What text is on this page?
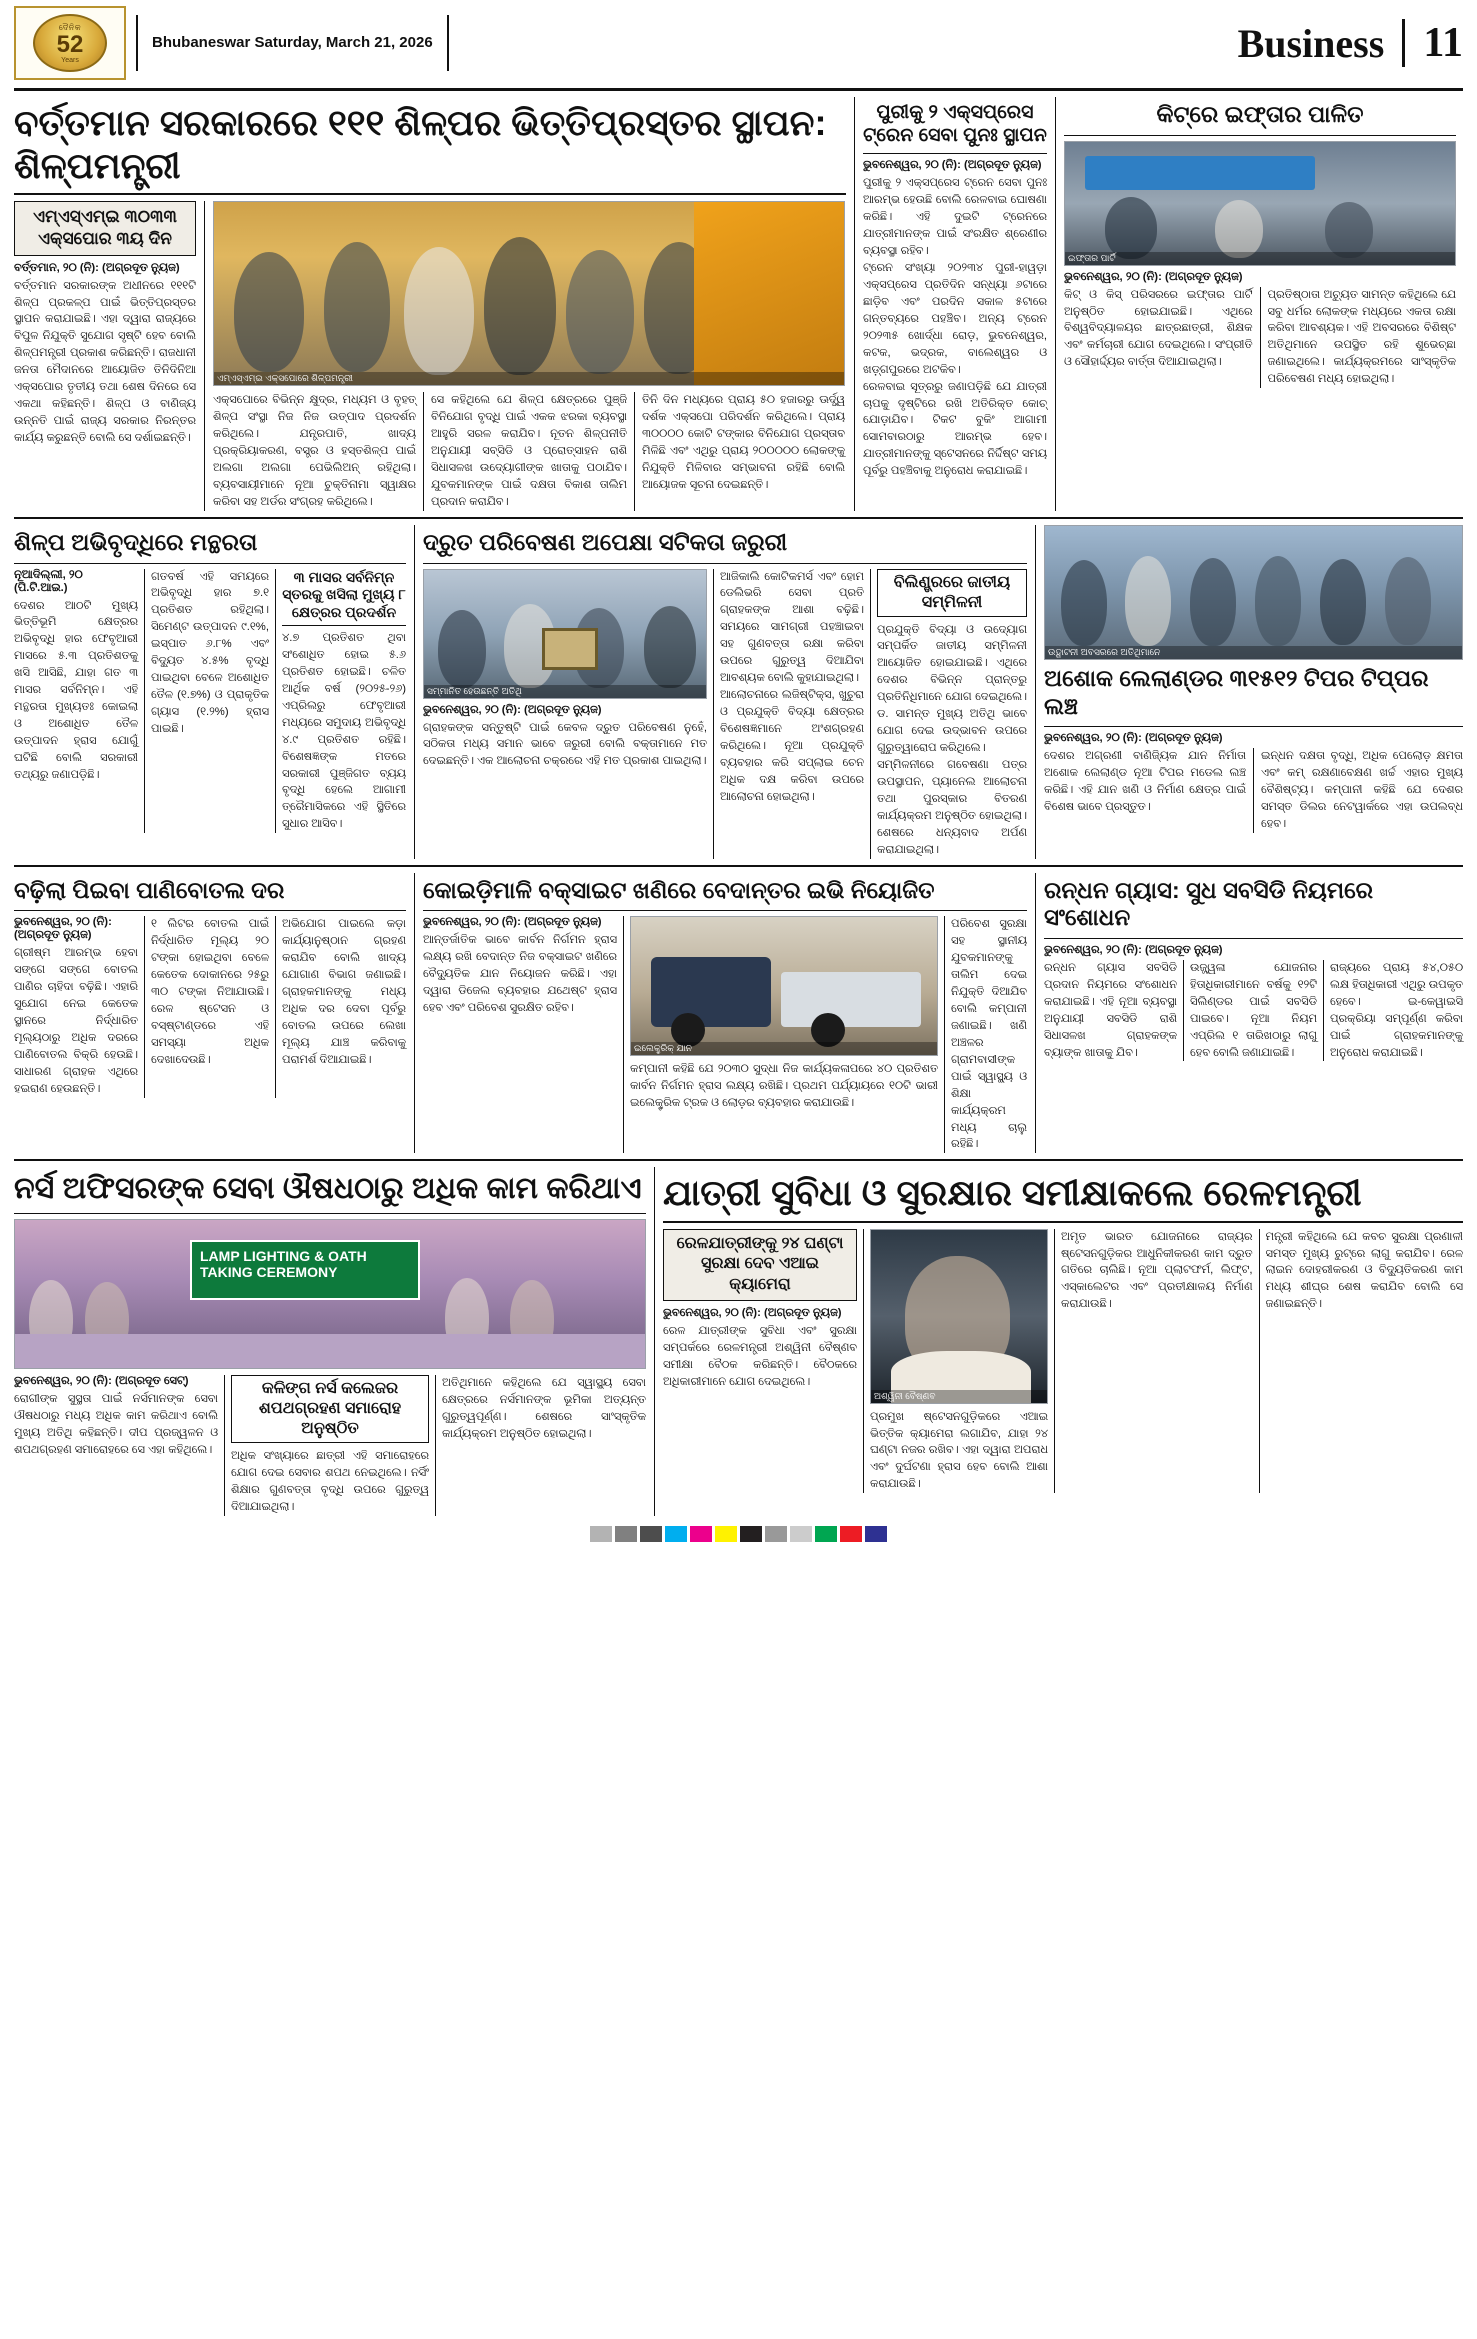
ଦୈନିକ
52
Years
Bhubaneswar Saturday, March 21, 2026	Business 11
ବର୍ତ୍ତମାନ ସରକାରରେ ୧୧୧ ଶିଳ୍ପର ଭିତ୍ତିପ୍ରସ୍ତର ସ୍ଥାପନ: ଶିଳ୍ପମନ୍ତ୍ରୀ
ଏମ୍ଏସ୍ଏମ୍ଇ ୩୦୩୩ ଏକ୍ସପୋର ୩ୟ ଦିନ
ବର୍ତ୍ତମାନ, ୨୦ (ନି): (ଅଗ୍ରଦୂତ ନ୍ୟୁଜ)
ବର୍ତ୍ତମାନ ସରକାରଙ୍କ ଅଧୀନରେ ୧୧୧ଟି ଶିଳ୍ପ ପ୍ରକଳ୍ପ ପାଇଁ ଭିତ୍ତିପ୍ରସ୍ତର ସ୍ଥାପନ କରାଯାଇଛି। ଏହା ଦ୍ୱାରା ରାଜ୍ୟରେ ବିପୁଳ ନିଯୁକ୍ତି ସୁଯୋଗ ସୃଷ୍ଟି ହେବ ବୋଲି ଶିଳ୍ପମନ୍ତ୍ରୀ ପ୍ରକାଶ କରିଛନ୍ତି। ରାଜଧାନୀ ଜନତା ମୈଦାନରେ ଆୟୋଜିତ ତିନିଦିନିଆ ଏକ୍ସପୋର ତୃତୀୟ ତଥା ଶେଷ ଦିନରେ ସେ ଏକଥା କହିଛନ୍ତି। ଶିଳ୍ପ ଓ ବାଣିଜ୍ୟ ଉନ୍ନତି ପାଇଁ ରାଜ୍ୟ ସରକାର ନିରନ୍ତର କାର୍ଯ୍ୟ କରୁଛନ୍ତି ବୋଲି ସେ ଦର୍ଶାଇଛନ୍ତି।
ଏମ୍ଏସ୍ଏମ୍ଇ ଏକ୍ସପୋରେ ଶିଳ୍ପମନ୍ତ୍ରୀ
ଏକ୍ସପୋରେ ବିଭିନ୍ନ କ୍ଷୁଦ୍ର, ମଧ୍ୟମ ଓ ବୃହତ୍ ଶିଳ୍ପ ସଂସ୍ଥା ନିଜ ନିଜ ଉତ୍ପାଦ ପ୍ରଦର୍ଶନ କରିଥିଲେ। ଯନ୍ତ୍ରପାତି, ଖାଦ୍ୟ ପ୍ରକ୍ରିୟାକରଣ, ବସ୍ତ୍ର ଓ ହସ୍ତଶିଳ୍ପ ପାଇଁ ଅଲଗା ଅଲଗା ପେଭିଲିଅନ୍ ରହିଥିଲା। ବ୍ୟବସାୟୀମାନେ ନୂଆ ଚୁକ୍ତିନାମା ସ୍ୱାକ୍ଷର କରିବା ସହ ଅର୍ଡର ସଂଗ୍ରହ କରିଥିଲେ।
ସେ କହିଥିଲେ ଯେ ଶିଳ୍ପ କ୍ଷେତ୍ରରେ ପୁଞ୍ଜି ବିନିଯୋଗ ବୃଦ୍ଧି ପାଇଁ ଏକକ ଝରକା ବ୍ୟବସ୍ଥା ଆହୁରି ସରଳ କରାଯିବ। ନୂତନ ଶିଳ୍ପନୀତି ଅନୁଯାୟୀ ସବ୍ସିଡି ଓ ପ୍ରୋତ୍ସାହନ ରାଶି ସିଧାସଳଖ ଉଦ୍ୟୋଗୀଙ୍କ ଖାତାକୁ ପଠାଯିବ। ଯୁବକମାନଙ୍କ ପାଇଁ ଦକ୍ଷତା ବିକାଶ ତାଲିମ ପ୍ରଦାନ କରାଯିବ।
ତିନି ଦିନ ମଧ୍ୟରେ ପ୍ରାୟ ୫୦ ହଜାରରୁ ଊର୍ଦ୍ଧ୍ୱ ଦର୍ଶକ ଏକ୍ସପୋ ପରିଦର୍ଶନ କରିଥିଲେ। ପ୍ରାୟ ୩୦୦୦୦ କୋଟି ଟଙ୍କାର ବିନିଯୋଗ ପ୍ରସ୍ତାବ ମିଳିଛି ଏବଂ ଏଥିରୁ ପ୍ରାୟ ୨୦୦୦୦୦ ଲୋକଙ୍କୁ ନିଯୁକ୍ତି ମିଳିବାର ସମ୍ଭାବନା ରହିଛି ବୋଲି ଆୟୋଜକ ସୂଚନା ଦେଇଛନ୍ତି।
ପୁରୀକୁ ୨ ଏକ୍ସପ୍ରେସ ଟ୍ରେନ ସେବା ପୁନଃ ସ୍ଥାପନ
ଭୁବନେଶ୍ୱର, ୨୦ (ନି): (ଅଗ୍ରଦୂତ ନ୍ୟୁଜ)
ପୁରୀକୁ ୨ ଏକ୍ସପ୍ରେସ ଟ୍ରେନ ସେବା ପୁନଃ ଆରମ୍ଭ ହେଉଛି ବୋଲି ରେଳବାଇ ଘୋଷଣା କରିଛି। ଏହି ଦୁଇଟି ଟ୍ରେନରେ ଯାତ୍ରୀମାନଙ୍କ ପାଇଁ ସଂରକ୍ଷିତ ଶ୍ରେଣୀର ବ୍ୟବସ୍ଥା ରହିବ।
ଟ୍ରେନ ସଂଖ୍ୟା ୨୦୨୩୪ ପୁରୀ-ହାୱଡ଼ା ଏକ୍ସପ୍ରେସ ପ୍ରତିଦିନ ସନ୍ଧ୍ୟା ୬ଟାରେ ଛାଡ଼ିବ ଏବଂ ପରଦିନ ସକାଳ ୫ଟାରେ ଗନ୍ତବ୍ୟରେ ପହଞ୍ଚିବ। ଅନ୍ୟ ଟ୍ରେନ ୨୦୨୩୫ ଖୋର୍ଦ୍ଧା ରୋଡ଼, ଭୁବନେଶ୍ୱର, କଟକ, ଭଦ୍ରକ, ବାଲେଶ୍ୱର ଓ ଖଡ଼୍ଗପୁରରେ ଅଟକିବ।
ରେଳବାଇ ସୂତ୍ରରୁ ଜଣାପଡ଼ିଛି ଯେ ଯାତ୍ରୀ ଚାପକୁ ଦୃଷ୍ଟିରେ ରଖି ଅତିରିକ୍ତ କୋଚ୍ ଯୋଡ଼ାଯିବ। ଟିକଟ ବୁକିଂ ଆଗାମୀ ସୋମବାରଠାରୁ ଆରମ୍ଭ ହେବ। ଯାତ୍ରୀମାନଙ୍କୁ ସ୍ଟେସନରେ ନିର୍ଦ୍ଦିଷ୍ଟ ସମୟ ପୂର୍ବରୁ ପହଞ୍ଚିବାକୁ ଅନୁରୋଧ କରାଯାଇଛି।
କିଟ୍‌ରେ ଇଫ୍ତାର ପାଳିତ
ଇଫ୍ତାର ପାର୍ଟି
ଭୁବନେଶ୍ୱର, ୨୦ (ନି): (ଅଗ୍ରଦୂତ ନ୍ୟୁଜ)
କିଟ୍ ଓ କିସ୍ ପରିସରରେ ଇଫ୍ତାର ପାର୍ଟି ଅନୁଷ୍ଠିତ ହୋଇଯାଇଛି। ଏଥିରେ ବିଶ୍ୱବିଦ୍ୟାଳୟର ଛାତ୍ରଛାତ୍ରୀ, ଶିକ୍ଷକ ଏବଂ କର୍ମଚାରୀ ଯୋଗ ଦେଇଥିଲେ। ସଂପ୍ରୀତି ଓ ସୌହାର୍ଦ୍ଦ୍ୟର ବାର୍ତ୍ତା ଦିଆଯାଇଥିଲା।
ପ୍ରତିଷ୍ଠାତା ଅଚ୍ୟୁତ ସାମନ୍ତ କହିଥିଲେ ଯେ ସବୁ ଧର୍ମର ଲୋକଙ୍କ ମଧ୍ୟରେ ଏକତା ରକ୍ଷା କରିବା ଆବଶ୍ୟକ। ଏହି ଅବସରରେ ବିଶିଷ୍ଟ ଅତିଥିମାନେ ଉପସ୍ଥିତ ରହି ଶୁଭେଚ୍ଛା ଜଣାଇଥିଲେ। କାର୍ଯ୍ୟକ୍ରମରେ ସାଂସ୍କୃତିକ ପରିବେଷଣ ମଧ୍ୟ ହୋଇଥିଲା।
ଶିଳ୍ପ ଅଭିବୃଦ୍ଧିରେ ମନ୍ଥରତା
ନୂଆଦିଲ୍ଲୀ, ୨୦ (ପି.ଟି.ଆଇ.)
ଦେଶର ଆଠଟି ମୁଖ୍ୟ ଭିତ୍ତିଭୂମି କ୍ଷେତ୍ରର ଅଭିବୃଦ୍ଧି ହାର ଫେବୃଆରୀ ମାସରେ ୫.୩ ପ୍ରତିଶତକୁ ଖସି ଆସିଛି, ଯାହା ଗତ ୩ ମାସର ସର୍ବନିମ୍ନ। ଏହି ମନ୍ଥରତା ମୁଖ୍ୟତଃ କୋଇଲା ଓ ଅଶୋଧିତ ତୈଳ ଉତ୍ପାଦନ ହ୍ରାସ ଯୋଗୁଁ ଘଟିଛି ବୋଲି ସରକାରୀ ତଥ୍ୟରୁ ଜଣାପଡ଼ିଛି।
ଗତବର୍ଷ ଏହି ସମୟରେ ଅଭିବୃଦ୍ଧି ହାର ୭.୧ ପ୍ରତିଶତ ରହିଥିଲା। ସିମେଣ୍ଟ ଉତ୍ପାଦନ ୯.୧%, ଇସ୍ପାତ ୬.୮% ଏବଂ ବିଦ୍ୟୁତ ୪.୫% ବୃଦ୍ଧି ପାଇଥିବା ବେଳେ ଅଶୋଧିତ ତୈଳ (୧.୭%) ଓ ପ୍ରାକୃତିକ ଗ୍ୟାସ (୧.୨%) ହ୍ରାସ ପାଇଛି।
୩ ମାସର ସର୍ବନିମ୍ନ ସ୍ତରକୁ ଖସିଲା ମୁଖ୍ୟ ୮ କ୍ଷେତ୍ରର ପ୍ରଦର୍ଶନ
୪.୭ ପ୍ରତିଶତ ଥିବା ସଂଶୋଧିତ ହୋଇ ୫.୬ ପ୍ରତିଶତ ହୋଇଛି। ଚଳିତ ଆର୍ଥିକ ବର୍ଷ (୨୦୨୫-୨୬) ଏପ୍ରିଲରୁ ଫେବୃଆରୀ ମଧ୍ୟରେ ସମୁଦାୟ ଅଭିବୃଦ୍ଧି ୪.୯ ପ୍ରତିଶତ ରହିଛି। ବିଶେଷଜ୍ଞଙ୍କ ମତରେ ସରକାରୀ ପୁଞ୍ଜିଗତ ବ୍ୟୟ ବୃଦ୍ଧି ହେଲେ ଆଗାମୀ ତ୍ରୈମାସିକରେ ଏହି ସ୍ଥିତିରେ ସୁଧାର ଆସିବ।
ଦ୍ରୁତ ପରିବେଷଣ ଅପେକ୍ଷା ସଟିକତା ଜରୁରୀ
ସମ୍ମାନିତ ହେଉଛନ୍ତି ଅତିଥି
ଭୁବନେଶ୍ୱର, ୨୦ (ନି): (ଅଗ୍ରଦୂତ ନ୍ୟୁଜ)
ଗ୍ରାହକଙ୍କ ସନ୍ତୁଷ୍ଟି ପାଇଁ କେବଳ ଦ୍ରୁତ ପରିବେଷଣ ନୁହେଁ, ସଠିକତା ମଧ୍ୟ ସମାନ ଭାବେ ଜରୁରୀ ବୋଲି ବକ୍ତାମାନେ ମତ ଦେଇଛନ୍ତି। ଏକ ଆଲୋଚନା ଚକ୍ରରେ ଏହି ମତ ପ୍ରକାଶ ପାଇଥିଲା।
ଆଜିକାଲି କୋଟିକମର୍ସ ଏବଂ ହୋମ ଡେଲିଭରି ସେବା ପ୍ରତି ଗ୍ରାହକଙ୍କ ଆଶା ବଢ଼ିଛି। ସମୟରେ ସାମଗ୍ରୀ ପହଞ୍ଚାଇବା ସହ ଗୁଣବତ୍ତା ରକ୍ଷା କରିବା ଉପରେ ଗୁରୁତ୍ୱ ଦିଆଯିବା ଆବଶ୍ୟକ ବୋଲି କୁହାଯାଇଥିଲା।
ଆଲୋଚନାରେ ଲଜିଷ୍ଟିକ୍ସ, ଖୁଚୁରା ଓ ପ୍ରଯୁକ୍ତି ବିଦ୍ୟା କ୍ଷେତ୍ରର ବିଶେଷଜ୍ଞମାନେ ଅଂଶଗ୍ରହଣ କରିଥିଲେ। ନୂଆ ପ୍ରଯୁକ୍ତି ବ୍ୟବହାର କରି ସପ୍ଲାଇ ଚେନ ଅଧିକ ଦକ୍ଷ କରିବା ଉପରେ ଆଲୋଚନା ହୋଇଥିଲା।
ବିଲିଣ୍ଡ୍ରରେ ଜାତୀୟ ସମ୍ମିଳନୀ
ପ୍ରଯୁକ୍ତି ବିଦ୍ୟା ଓ ଉଦ୍ୟୋଗ ସମ୍ପର୍କିତ ଜାତୀୟ ସମ୍ମିଳନୀ ଆୟୋଜିତ ହୋଇଯାଇଛି। ଏଥିରେ ଦେଶର ବିଭିନ୍ନ ପ୍ରାନ୍ତରୁ ପ୍ରତିନିଧିମାନେ ଯୋଗ ଦେଇଥିଲେ। ଡ. ସାମନ୍ତ ମୁଖ୍ୟ ଅତିଥି ଭାବେ ଯୋଗ ଦେଇ ଉଦ୍ଭାବନ ଉପରେ ଗୁରୁତ୍ୱାରୋପ କରିଥିଲେ।
ସମ୍ମିଳନୀରେ ଗବେଷଣା ପତ୍ର ଉପସ୍ଥାପନ, ପ୍ୟାନେଲ ଆଲୋଚନା ତଥା ପୁରସ୍କାର ବିତରଣ କାର୍ଯ୍ୟକ୍ରମ ଅନୁଷ୍ଠିତ ହୋଇଥିଲା। ଶେଷରେ ଧନ୍ୟବାଦ ଅର୍ପଣ କରାଯାଇଥିଲା।
ଉଦ୍ଘାଟନୀ ଅବସରରେ ଅତିଥିମାନେ
ଅଶୋକ ଲେଲାଣ୍ଡର ୩୧୫୧୨ ଟିପର ଟିପ୍ପର ଲଞ୍ଚ
ଭୁବନେଶ୍ୱର, ୨୦ (ନି): (ଅଗ୍ରଦୂତ ନ୍ୟୁଜ)
ଦେଶର ଅଗ୍ରଣୀ ବାଣିଜ୍ୟିକ ଯାନ ନିର୍ମାତା ଅଶୋକ ଲେଲାଣ୍ଡ ନୂଆ ଟିପର ମଡେଲ ଲଞ୍ଚ କରିଛି। ଏହି ଯାନ ଖଣି ଓ ନିର୍ମାଣ କ୍ଷେତ୍ର ପାଇଁ ବିଶେଷ ଭାବେ ପ୍ରସ୍ତୁତ।
ଇନ୍ଧନ ଦକ୍ଷତା ବୃଦ୍ଧି, ଅଧିକ ପେଲୋଡ଼ କ୍ଷମତା ଏବଂ କମ୍ ରକ୍ଷଣାବେକ୍ଷଣ ଖର୍ଚ୍ଚ ଏହାର ମୁଖ୍ୟ ବୈଶିଷ୍ଟ୍ୟ। କମ୍ପାନୀ କହିଛି ଯେ ଦେଶର ସମସ୍ତ ଡିଲର ନେଟୱାର୍କରେ ଏହା ଉପଲବ୍ଧ ହେବ।
ବଢ଼ିଲା ପିଇବା ପାଣିବୋତଲ ଦର
ଭୁବନେଶ୍ୱର, ୨୦ (ନି): (ଅଗ୍ରଦୂତ ନ୍ୟୁଜ)
ଗ୍ରୀଷ୍ମ ଆରମ୍ଭ ହେବା ସଙ୍ଗେ ସଙ୍ଗେ ବୋତଲ ପାଣିର ଚାହିଦା ବଢ଼ିଛି। ଏହାରି ସୁଯୋଗ ନେଇ କେତେକ ସ୍ଥାନରେ ନିର୍ଦ୍ଧାରିତ ମୂଲ୍ୟଠାରୁ ଅଧିକ ଦରରେ ପାଣିବୋତଲ ବିକ୍ରି ହେଉଛି। ସାଧାରଣ ଗ୍ରାହକ ଏଥିରେ ହଇରାଣ ହେଉଛନ୍ତି।
୧ ଲିଟର ବୋତଲ ପାଇଁ ନିର୍ଦ୍ଧାରିତ ମୂଲ୍ୟ ୨୦ ଟଙ୍କା ହୋଇଥିବା ବେଳେ କେତେକ ଦୋକାନରେ ୨୫ରୁ ୩୦ ଟଙ୍କା ନିଆଯାଉଛି। ରେଳ ଷ୍ଟେସନ ଓ ବସ୍‌ଷ୍ଟାଣ୍ଡରେ ଏହି ସମସ୍ୟା ଅଧିକ ଦେଖାଦେଉଛି।
ଅଭିଯୋଗ ପାଇଲେ କଡ଼ା କାର୍ଯ୍ୟାନୁଷ୍ଠାନ ଗ୍ରହଣ କରାଯିବ ବୋଲି ଖାଦ୍ୟ ଯୋଗାଣ ବିଭାଗ ଜଣାଇଛି। ଗ୍ରାହକମାନଙ୍କୁ ମଧ୍ୟ ଅଧିକ ଦର ଦେବା ପୂର୍ବରୁ ବୋତଲ ଉପରେ ଲେଖା ମୂଲ୍ୟ ଯାଞ୍ଚ କରିବାକୁ ପରାମର୍ଶ ଦିଆଯାଇଛି।
କୋଇଡ଼ିମାଳି ବକ୍ସାଇଟ ଖଣିରେ ବେଦାନ୍ତର ଇଭି ନିୟୋଜିତ
ଭୁବନେଶ୍ୱର, ୨୦ (ନି): (ଅଗ୍ରଦୂତ ନ୍ୟୁଜ)
ଆନ୍ତର୍ଜାତିକ ଭାବେ କାର୍ବନ ନିର୍ଗମନ ହ୍ରାସ ଲକ୍ଷ୍ୟ ରଖି ବେଦାନ୍ତ ନିଜ ବକ୍ସାଇଟ ଖଣିରେ ବୈଦ୍ୟୁତିକ ଯାନ ନିୟୋଜନ କରିଛି। ଏହା ଦ୍ୱାରା ଡିଜେଲ ବ୍ୟବହାର ଯଥେଷ୍ଟ ହ୍ରାସ ହେବ ଏବଂ ପରିବେଶ ସୁରକ୍ଷିତ ରହିବ।
ଇଲେକ୍ଟ୍ରିକ୍ ଯାନ
କମ୍ପାନୀ କହିଛି ଯେ ୨୦୩୦ ସୁଦ୍ଧା ନିଜ କାର୍ଯ୍ୟକଳାପରେ ୪୦ ପ୍ରତିଶତ କାର୍ବନ ନିର୍ଗମନ ହ୍ରାସ ଲକ୍ଷ୍ୟ ରଖିଛି। ପ୍ରଥମ ପର୍ଯ୍ୟାୟରେ ୧୦ଟି ଭାରୀ ଇଲେକ୍ଟ୍ରିକ ଟ୍ରକ ଓ ଲୋଡ଼ର ବ୍ୟବହାର କରାଯାଉଛି।
ପରିବେଶ ସୁରକ୍ଷା ସହ ସ୍ଥାନୀୟ ଯୁବକମାନଙ୍କୁ ତାଲିମ ଦେଇ ନିଯୁକ୍ତି ଦିଆଯିବ ବୋଲି କମ୍ପାନୀ ଜଣାଇଛି। ଖଣି ଅଞ୍ଚଳର ଗ୍ରାମବାସୀଙ୍କ ପାଇଁ ସ୍ୱାସ୍ଥ୍ୟ ଓ ଶିକ୍ଷା କାର୍ଯ୍ୟକ୍ରମ ମଧ୍ୟ ଚାଲୁ ରହିଛି।
ରନ୍ଧନ ଗ୍ୟାସ: ସୁଧ ସବସିଡି ନିୟମରେ ସଂଶୋଧନ
ଭୁବନେଶ୍ୱର, ୨୦ (ନି): (ଅଗ୍ରଦୂତ ନ୍ୟୁଜ)
ରନ୍ଧନ ଗ୍ୟାସ ସବସିଡି ପ୍ରଦାନ ନିୟମରେ ସଂଶୋଧନ କରାଯାଇଛି। ଏହି ନୂଆ ବ୍ୟବସ୍ଥା ଅନୁଯାୟୀ ସବସିଡି ରାଶି ସିଧାସଳଖ ଗ୍ରାହକଙ୍କ ବ୍ୟାଙ୍କ ଖାତାକୁ ଯିବ।
ଉଜ୍ଜ୍ୱଳା ଯୋଜନାର ହିତାଧିକାରୀମାନେ ବର୍ଷକୁ ୧୨ଟି ସିଲିଣ୍ଡର ପାଇଁ ସବସିଡି ପାଇବେ। ନୂଆ ନିୟମ ଏପ୍ରିଲ ୧ ତାରିଖଠାରୁ ଲାଗୁ ହେବ ବୋଲି ଜଣାଯାଇଛି।
ରାଜ୍ୟରେ ପ୍ରାୟ ୫୪,୦୫୦ ଲକ୍ଷ ହିତାଧିକାରୀ ଏଥିରୁ ଉପକୃତ ହେବେ। ଇ-କେୱାଇସି ପ୍ରକ୍ରିୟା ସମ୍ପୂର୍ଣ୍ଣ କରିବା ପାଇଁ ଗ୍ରାହକମାନଙ୍କୁ ଅନୁରୋଧ କରାଯାଇଛି।
ନର୍ସ ଅଫିସରଙ୍କ ସେବା ଔଷଧଠାରୁ ଅଧିକ କାମ କରିଥାଏ
LAMP LIGHTING & OATH TAKING CEREMONY
ଭୁବନେଶ୍ୱର, ୨୦ (ନି): (ଅଗ୍ରଦୂତ ସେଟ୍)
ରୋଗୀଙ୍କ ସୁସ୍ଥତା ପାଇଁ ନର୍ସମାନଙ୍କ ସେବା ଔଷଧଠାରୁ ମଧ୍ୟ ଅଧିକ କାମ କରିଥାଏ ବୋଲି ମୁଖ୍ୟ ଅତିଥି କହିଛନ୍ତି। ଦୀପ ପ୍ରଜ୍ୱଳନ ଓ ଶପଥଗ୍ରହଣ ସମାରୋହରେ ସେ ଏହା କହିଥିଲେ।
କଳିଙ୍ଗ ନର୍ସ କଲେଜର ଶପଥଗ୍ରହଣ ସମାରୋହ ଅନୁଷ୍ଠିତ
ଅଧିକ ସଂଖ୍ୟାରେ ଛାତ୍ରୀ ଏହି ସମାରୋହରେ ଯୋଗ ଦେଇ ସେବାର ଶପଥ ନେଇଥିଲେ। ନର୍ସିଂ ଶିକ୍ଷାର ଗୁଣବତ୍ତା ବୃଦ୍ଧି ଉପରେ ଗୁରୁତ୍ୱ ଦିଆଯାଇଥିଲା।
ଅତିଥିମାନେ କହିଥିଲେ ଯେ ସ୍ୱାସ୍ଥ୍ୟ ସେବା କ୍ଷେତ୍ରରେ ନର୍ସମାନଙ୍କ ଭୂମିକା ଅତ୍ୟନ୍ତ ଗୁରୁତ୍ୱପୂର୍ଣ୍ଣ। ଶେଷରେ ସାଂସ୍କୃତିକ କାର୍ଯ୍ୟକ୍ରମ ଅନୁଷ୍ଠିତ ହୋଇଥିଲା।
ଯାତ୍ରୀ ସୁବିଧା ଓ ସୁରକ୍ଷାର ସମୀକ୍ଷାକଲେ ରେଳମନ୍ତ୍ରୀ
ରେଳଯାତ୍ରୀଙ୍କୁ ୨୪ ଘଣ୍ଟା ସୁରକ୍ଷା ଦେବ ଏଆଇ କ୍ୟାମେରା
ଭୁବନେଶ୍ୱର, ୨୦ (ନି): (ଅଗ୍ରଦୂତ ନ୍ୟୁଜ)
ରେଳ ଯାତ୍ରୀଙ୍କ ସୁବିଧା ଏବଂ ସୁରକ୍ଷା ସମ୍ପର୍କରେ ରେଳମନ୍ତ୍ରୀ ଅଶ୍ୱିନୀ ବୈଷ୍ଣବ ସମୀକ୍ଷା ବୈଠକ କରିଛନ୍ତି। ବୈଠକରେ ଅଧିକାରୀମାନେ ଯୋଗ ଦେଇଥିଲେ।
ଅଶ୍ୱିନୀ ବୈଷ୍ଣବ
ପ୍ରମୁଖ ଷ୍ଟେସନଗୁଡ଼ିକରେ ଏଆଇ ଭିତ୍ତିକ କ୍ୟାମେରା ଲଗାଯିବ, ଯାହା ୨୪ ଘଣ୍ଟା ନଜର ରଖିବ। ଏହା ଦ୍ୱାରା ଅପରାଧ ଏବଂ ଦୁର୍ଘଟଣା ହ୍ରାସ ହେବ ବୋଲି ଆଶା କରାଯାଉଛି।
ଅମୃତ ଭାରତ ଯୋଜନାରେ ରାଜ୍ୟର ଷ୍ଟେସନଗୁଡ଼ିକର ଆଧୁନିକୀକରଣ କାମ ଦ୍ରୁତ ଗତିରେ ଚାଲିଛି। ନୂଆ ପ୍ଲାଟଫର୍ମ, ଲିଫ୍ଟ, ଏସ୍କାଲେଟର ଏବଂ ପ୍ରତୀକ୍ଷାଳୟ ନିର୍ମାଣ କରାଯାଉଛି।
ମନ୍ତ୍ରୀ କହିଥିଲେ ଯେ କବଚ ସୁରକ୍ଷା ପ୍ରଣାଳୀ ସମସ୍ତ ମୁଖ୍ୟ ରୁଟ୍‌ରେ ଲାଗୁ କରାଯିବ। ରେଳ ଲାଇନ ଦୋହରୀକରଣ ଓ ବିଦ୍ୟୁତିକରଣ କାମ ମଧ୍ୟ ଶୀଘ୍ର ଶେଷ କରାଯିବ ବୋଲି ସେ ଜଣାଇଛନ୍ତି।
